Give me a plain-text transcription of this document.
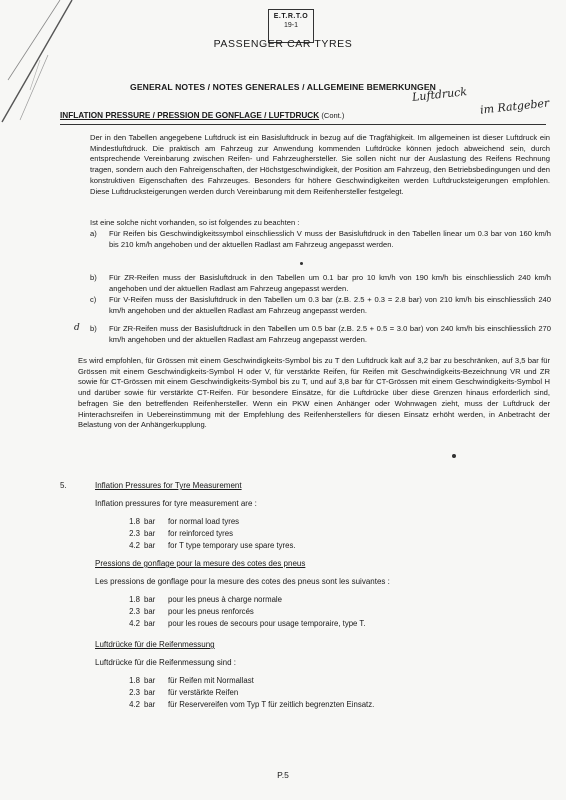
E.T.R.T.O
19-1
PASSENGER CAR TYRES
GENERAL NOTES / NOTES GENERALES / ALLGEMEINE BEMERKUNGEN
Luftdruck
im Ratgeber
INFLATION PRESSURE / PRESSION DE GONFLAGE / LUFTDRUCK (Cont.)
Der in den Tabellen angegebene Luftdruck ist ein Basisluftdruck in bezug auf die Tragfähigkeit. Im allgemeinen ist dieser Luftdruck ein Mindestluftdruck. Die praktisch am Fahrzeug zur Anwendung kommenden Luftdrücke können jedoch abweichend sein, durch entsprechende Vereinbarung zwischen Reifen- und Fahrzeughersteller. Sie sollen nicht nur der Auslastung des Reifens Rechnung tragen, sondern auch den Fahreigenschaften, der Höchstgeschwindigkeit, der Position am Fahrzeug, den Betriebsbedingungen und den konstruktiven Eigenschaften des Fahrzeuges. Besonders für höhere Geschwindigkeiten werden Luftdrucksteigerungen empfohlen. Diese Luftdrucksteigerungen werden durch Vereinbarung mit dem Reifenhersteller festgelegt.
Ist eine solche nicht vorhanden, so ist folgendes zu beachten :
a) Für Reifen bis Geschwindigkeitssymbol einschliesslich V muss der Basisluftdruck in den Tabellen linear um 0.3 bar von 160 km/h bis 210 km/h angehoben und der aktuellen Radlast am Fahrzeug angepasst werden.
b) Für ZR-Reifen muss der Basisluftdruck in den Tabellen um 0.1 bar pro 10 km/h von 190 km/h bis einschliesslich 240 km/h angehoben und der aktuellen Radlast am Fahrzeug angepasst werden.
c) Für V-Reifen muss der Basisluftdruck in den Tabellen um 0.3 bar (z.B. 2.5 + 0.3 = 2.8 bar) von 210 km/h bis einschliesslich 240 km/h angehoben und der aktuellen Radlast am Fahrzeug angepasst werden.
d b) Für ZR-Reifen muss der Basisluftdruck in den Tabellen um 0.5 bar (z.B. 2.5 + 0.5 = 3.0 bar) von 240 km/h bis einschliesslich 270 km/h angehoben und der aktuellen Radlast am Fahrzeug angepasst werden.
Es wird empfohlen, für Grössen mit einem Geschwindigkeits-Symbol bis zu T den Luftdruck kalt auf 3,2 bar zu beschränken, auf 3,5 bar für Grössen mit einem Geschwindigkeits-Symbol H oder V, für verstärkte Reifen, für Reifen mit Geschwindigkeits-Bezeichnung VR und ZR sowie für CT-Grössen mit einem Geschwindigkeits-Symbol bis zu T, und auf 3,8 bar für CT-Grössen mit einem Geschwindigkeits-Symbol H und darüber sowie für verstärkte CT-Reifen. Für besondere Einsätze, für die Luftdrücke über diese Grenzen hinaus erforderlich sind, befragen Sie den betreffenden Reifenhersteller. Wenn ein PKW einen Anhänger oder Wohnwagen zieht, muss der Luftdruck der Hinterachsreifen in Uebereinstimmung mit der Empfehlung des Reifenherstellers für diesen Einsatz erhöht werden, in Anbetracht der Belastung von der Anhängerkupplung.
5.	Inflation Pressures for Tyre Measurement
Inflation pressures for tyre measurement are :
1.8 bar for normal load tyres
2.3 bar for reinforced tyres
4.2 bar for T type temporary use spare tyres.
Pressions de gonflage pour la mesure des cotes des pneus
Les pressions de gonflage pour la mesure des cotes des pneus sont les suivantes :
1.8 bar pour les pneus à charge normale
2.3 bar pour les pneus renforcés
4.2 bar pour les roues de secours pour usage temporaire, type T.
Luftdrücke für die Reifenmessung
Luftdrücke für die Reifenmessung sind :
1.8 bar für Reifen mit Normallast
2.3 bar für verstärkte Reifen
4.2 bar für Reservereifen vom Typ T für zeitlich begrenzten Einsatz.
P.5
